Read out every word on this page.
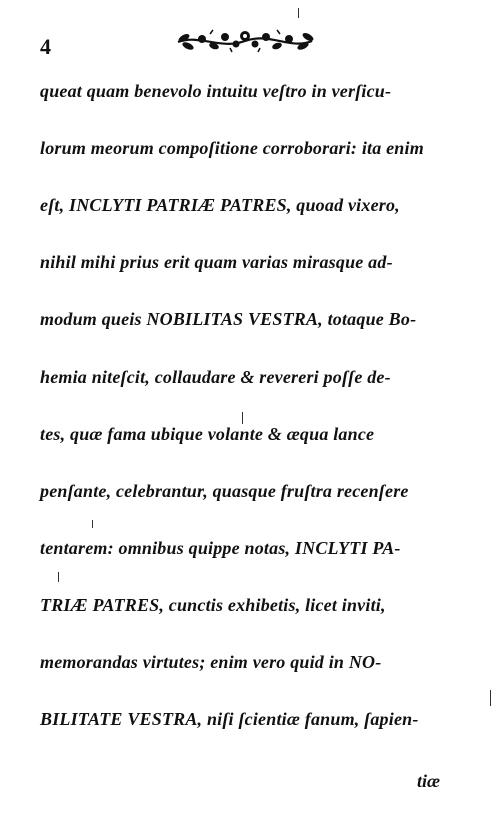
4
queat quam benevolo intuitu veſtro in verſicu-
lorum meorum compoſitione corroborari: ita enim
eſt, INCLYTI PATRIÆ PATRES, quoad vixero,
nihil mihi prius erit quam varias mirasque ad-
modum queis NOBILITAS VESTRA, totaque Bo-
hemia niteſcit, collaudare & revereri poſſe de-
tes, quæ fama ubique volante & æqua lance
penſante, celebrantur, quasque fruſtra recenſere
tentarem: omnibus quippe notas, INCLYTI PA-
TRIÆ PATRES, cunctis exhibetis, licet inviti,
memorandas virtutes; enim vero quid in NO-
BILITATE VESTRA, niſi ſcientiæ fanum, ſapien-
tiæ
